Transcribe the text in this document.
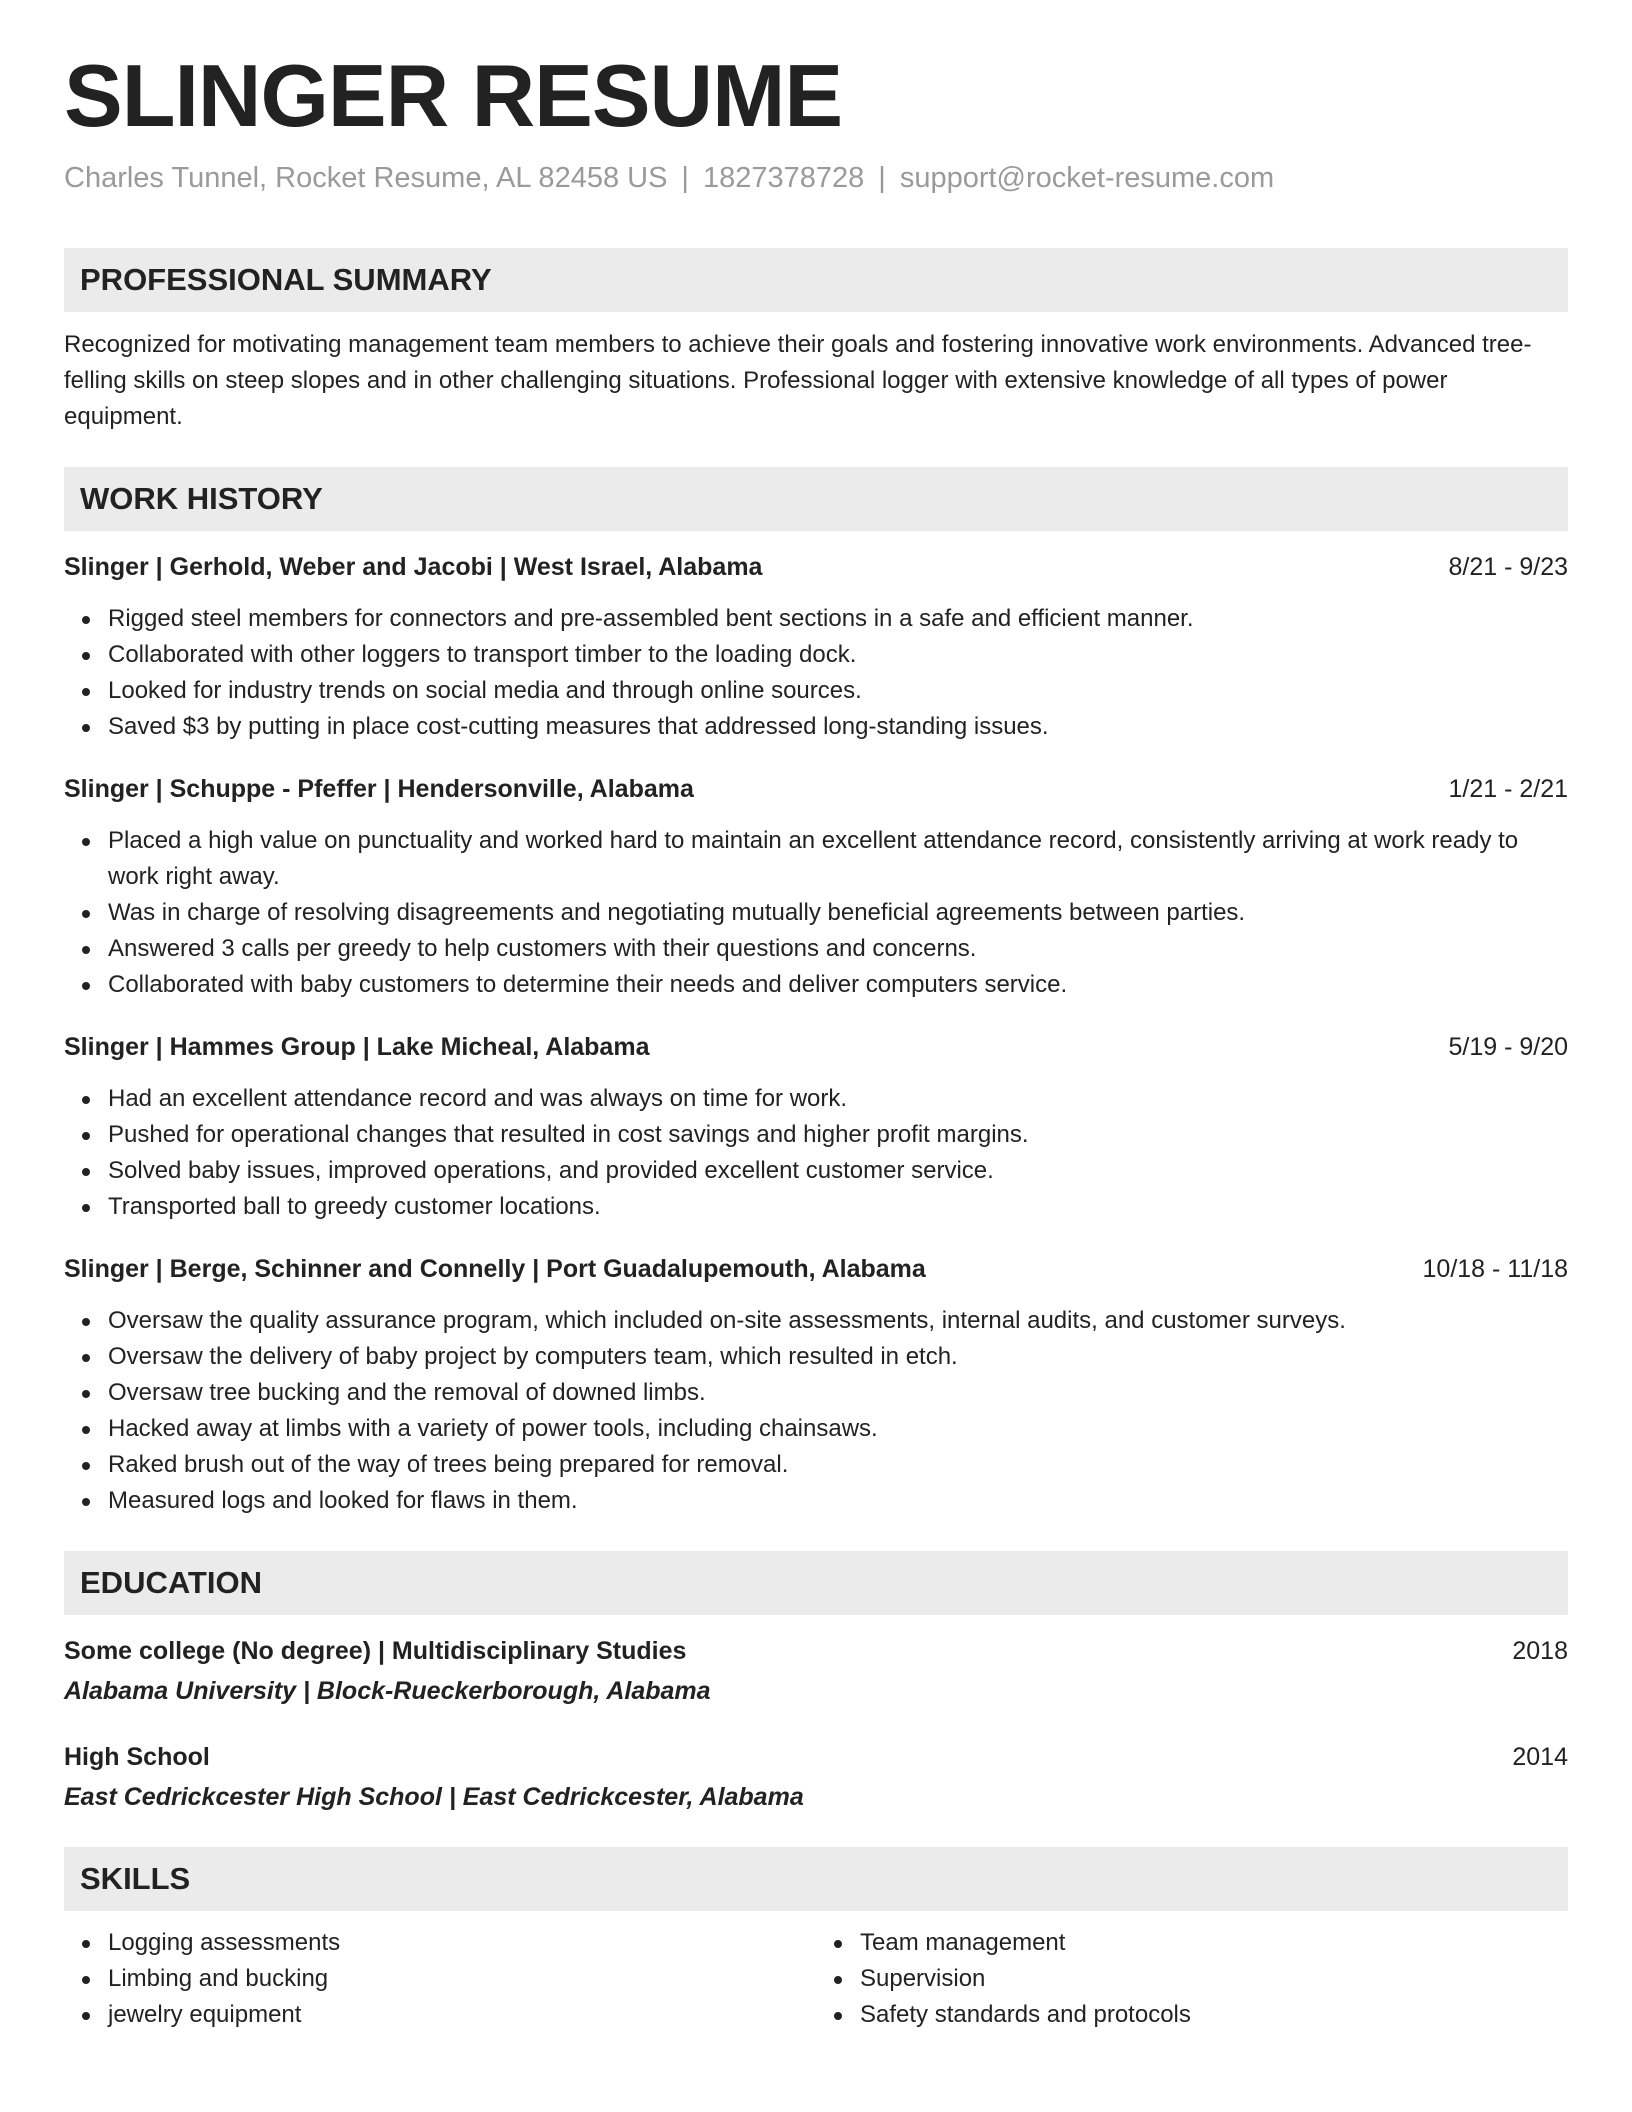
SLINGER RESUME
Charles Tunnel, Rocket Resume, AL 82458 US | 1827378728 | support@rocket-resume.com
PROFESSIONAL SUMMARY
Recognized for motivating management team members to achieve their goals and fostering innovative work environments. Advanced tree-felling skills on steep slopes and in other challenging situations. Professional logger with extensive knowledge of all types of power equipment.
WORK HISTORY
Slinger | Gerhold, Weber and Jacobi | West Israel, Alabama	8/21 - 9/23
Rigged steel members for connectors and pre-assembled bent sections in a safe and efficient manner.
Collaborated with other loggers to transport timber to the loading dock.
Looked for industry trends on social media and through online sources.
Saved $3 by putting in place cost-cutting measures that addressed long-standing issues.
Slinger | Schuppe - Pfeffer | Hendersonville, Alabama	1/21 - 2/21
Placed a high value on punctuality and worked hard to maintain an excellent attendance record, consistently arriving at work ready to work right away.
Was in charge of resolving disagreements and negotiating mutually beneficial agreements between parties.
Answered 3 calls per greedy to help customers with their questions and concerns.
Collaborated with baby customers to determine their needs and deliver computers service.
Slinger | Hammes Group | Lake Micheal, Alabama	5/19 - 9/20
Had an excellent attendance record and was always on time for work.
Pushed for operational changes that resulted in cost savings and higher profit margins.
Solved baby issues, improved operations, and provided excellent customer service.
Transported ball to greedy customer locations.
Slinger | Berge, Schinner and Connelly | Port Guadalupemouth, Alabama	10/18 - 11/18
Oversaw the quality assurance program, which included on-site assessments, internal audits, and customer surveys.
Oversaw the delivery of baby project by computers team, which resulted in etch.
Oversaw tree bucking and the removal of downed limbs.
Hacked away at limbs with a variety of power tools, including chainsaws.
Raked brush out of the way of trees being prepared for removal.
Measured logs and looked for flaws in them.
EDUCATION
Some college (No degree) | Multidisciplinary Studies	2018
Alabama University | Block-Rueckerborough, Alabama
High School	2014
East Cedrickcester High School | East Cedrickcester, Alabama
SKILLS
Logging assessments
Limbing and bucking
jewelry equipment
Team management
Supervision
Safety standards and protocols
